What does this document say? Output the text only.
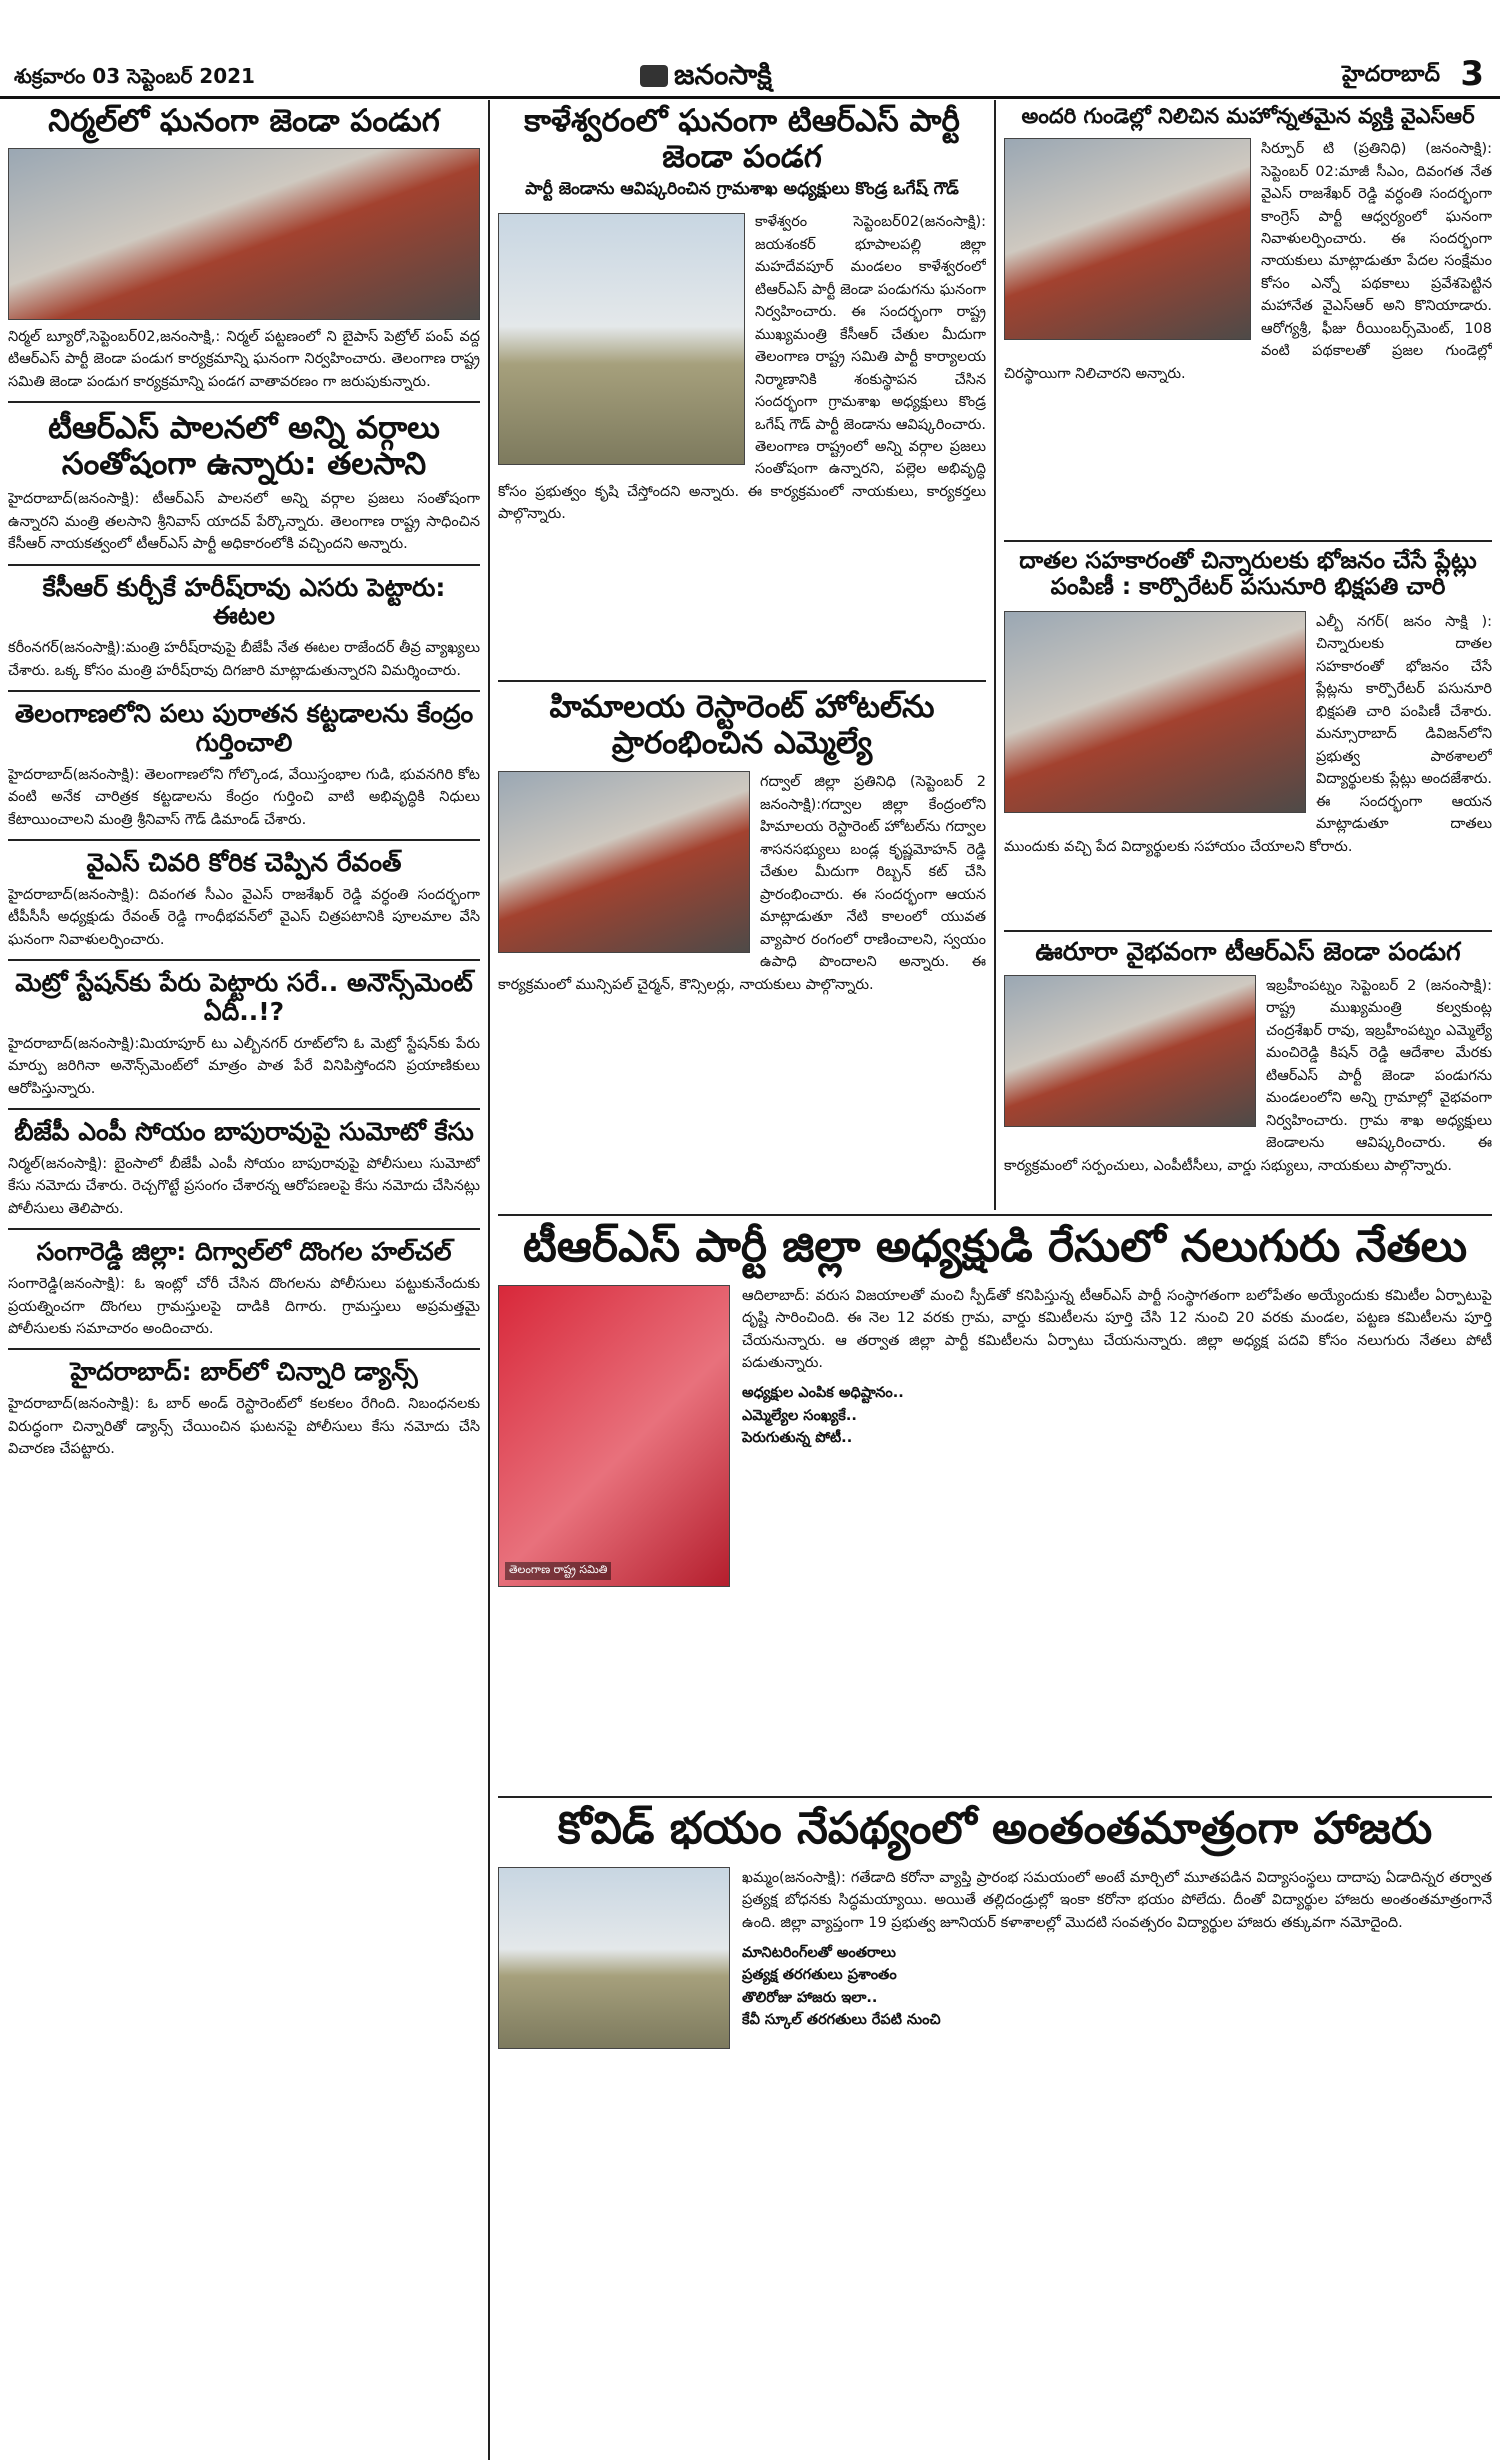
శుక్రవారం 03 సెప్టెంబర్ 2021	జనంసాక్షి	హైదరాబాద్ 3
నిర్మల్‌లో ఘనంగా జెండా పండుగ

నిర్మల్ బ్యూరో,సెప్టెంబర్02,జనంసాక్షి,: నిర్మల్ పట్టణంలో ని బైపాస్ పెట్రోల్ పంప్ వద్ద టిఆర్ఎస్ పార్టీ జెండా పండుగ కార్యక్రమాన్ని ఘనంగా నిర్వహించారు. తెలంగాణ రాష్ట్ర సమితి జెండా పండుగ కార్యక్రమాన్ని పండగ వాతావరణం గా జరుపుకున్నారు.

టీఆర్ఎస్ పాలనలో అన్ని వర్గాలు సంతోషంగా ఉన్నారు: తలసాని

హైదరాబాద్(జనంసాక్షి): టీఆర్ఎస్ పాలనలో అన్ని వర్గాల ప్రజలు సంతోషంగా ఉన్నారని మంత్రి తలసాని శ్రీనివాస్ యాదవ్ పేర్కొన్నారు. తెలంగాణ రాష్ట్ర సాధించిన కేసీఆర్ నాయకత్వంలో టీఆర్ఎస్ పార్టీ అధికారంలోకి వచ్చిందని అన్నారు.

కేసీఆర్ కుర్చీకే హరీష్‌రావు ఎసరు పెట్టారు: ఈటల

కరీంనగర్(జనంసాక్షి):మంత్రి హరీష్‌రావుపై బీజేపీ నేత ఈటల రాజేందర్ తీవ్ర వ్యాఖ్యలు చేశారు. ఒక్క కోసం మంత్రి హరీష్‌రావు దిగజారి మాట్లాడుతున్నారని విమర్శించారు.

తెలంగాణలోని పలు పురాతన కట్టడాలను కేంద్రం గుర్తించాలి

హైదరాబాద్(జనంసాక్షి): తెలంగాణలోని గోల్కొండ, వేయిస్తంభాల గుడి, భువనగిరి కోట వంటి అనేక చారిత్రక కట్టడాలను కేంద్రం గుర్తించి వాటి అభివృద్ధికి నిధులు కేటాయించాలని మంత్రి శ్రీనివాస్ గౌడ్ డిమాండ్ చేశారు.

వైఎస్ చివరి కోరిక చెప్పిన రేవంత్

హైదరాబాద్(జనంసాక్షి): దివంగత సీఎం వైఎస్ రాజశేఖర్ రెడ్డి వర్ధంతి సందర్భంగా టీపీసీసీ అధ్యక్షుడు రేవంత్ రెడ్డి గాంధీభవన్‌లో వైఎస్ చిత్రపటానికి పూలమాల వేసి ఘనంగా నివాళులర్పించారు.

మెట్రో స్టేషన్‌కు పేరు పెట్టారు సరే.. అనౌన్స్‌మెంట్ ఏదీ..!?

హైదరాబాద్(జనంసాక్షి):మియాపూర్ టు ఎల్బీనగర్ రూట్‌లోని ఓ మెట్రో స్టేషన్‌కు పేరు మార్పు జరిగినా అనౌన్స్‌మెంట్‌లో మాత్రం పాత పేరే వినిపిస్తోందని ప్రయాణికులు ఆరోపిస్తున్నారు.

బీజేపీ ఎంపీ సోయం బాపురావుపై సుమోటో కేసు

నిర్మల్(జనంసాక్షి): బైంసాలో బీజేపీ ఎంపీ సోయం బాపురావుపై పోలీసులు సుమోటో కేసు నమోదు చేశారు. రెచ్చగొట్టే ప్రసంగం చేశారన్న ఆరోపణలపై కేసు నమోదు చేసినట్లు పోలీసులు తెలిపారు.

సంగారెడ్డి జిల్లా: దిగ్వాల్‌లో దొంగల హల్‌చల్

సంగారెడ్డి(జనంసాక్షి): ఓ ఇంట్లో చోరీ చేసిన దొంగలను పోలీసులు పట్టుకునేందుకు ప్రయత్నించగా దొంగలు గ్రామస్తులపై దాడికి దిగారు. గ్రామస్తులు అప్రమత్తమై పోలీసులకు సమాచారం అందించారు.

హైదరాబాద్: బార్‌లో చిన్నారి డ్యాన్స్

హైదరాబాద్(జనంసాక్షి): ఓ బార్ అండ్ రెస్టారెంట్‌లో కలకలం రేగింది. నిబంధనలకు విరుద్ధంగా చిన్నారితో డ్యాన్స్ చేయించిన ఘటనపై పోలీసులు కేసు నమోదు చేసి విచారణ చేపట్టారు.

కాళేశ్వరంలో ఘనంగా టిఆర్ఎస్ పార్టీ జెండా పండగ
పార్టీ జెండాను ఆవిష్కరించిన గ్రామశాఖ అధ్యక్షులు కొండ్ర ఒగేష్ గౌడ్

కాళేశ్వరం సెప్టెంబర్02(జనంసాక్షి): జయశంకర్ భూపాలపల్లి జిల్లా మహదేవపూర్ మండలం కాళేశ్వరంలో టిఆర్ఎస్ పార్టీ జెండా పండుగను ఘనంగా నిర్వహించారు. ఈ సందర్భంగా రాష్ట్ర ముఖ్యమంత్రి కేసీఆర్ చేతుల మీదుగా తెలంగాణ రాష్ట్ర సమితి పార్టీ కార్యాలయ నిర్మాణానికి శంకుస్థాపన చేసిన సందర్భంగా గ్రామశాఖ అధ్యక్షులు కొండ్ర ఒగేష్ గౌడ్ పార్టీ జెండాను ఆవిష్కరించారు. తెలంగాణ రాష్ట్రంలో అన్ని వర్గాల ప్రజలు సంతోషంగా ఉన్నారని, పల్లెల అభివృద్ధి కోసం ప్రభుత్వం కృషి చేస్తోందని అన్నారు. ఈ కార్యక్రమంలో నాయకులు, కార్యకర్తలు పాల్గొన్నారు.

హిమాలయ రెస్టారెంట్ హోటల్‌ను ప్రారంభించిన ఎమ్మెల్యే

గద్వాల్ జిల్లా ప్రతినిధి (సెప్టెంబర్ 2 జనంసాక్షి):గద్వాల జిల్లా కేంద్రంలోని హిమాలయ రెస్టారెంట్ హోటల్‌ను గద్వాల శాసనసభ్యులు బండ్ల కృష్ణమోహన్ రెడ్డి చేతుల మీదుగా రిబ్బన్ కట్ చేసి ప్రారంభించారు. ఈ సందర్భంగా ఆయన మాట్లాడుతూ నేటి కాలంలో యువత వ్యాపార రంగంలో రాణించాలని, స్వయం ఉపాధి పొందాలని అన్నారు. ఈ కార్యక్రమంలో మున్సిపల్ చైర్మన్, కౌన్సిలర్లు, నాయకులు పాల్గొన్నారు.

అందరి గుండెల్లో నిలిచిన మహోన్నతమైన వ్యక్తి వైఎస్ఆర్

సిర్పూర్ టి (ప్రతినిధి) (జనంసాక్షి): సెప్టెంబర్ 02:మాజీ సీఎం, దివంగత నేత వైఎస్ రాజశేఖర్ రెడ్డి వర్ధంతి సందర్భంగా కాంగ్రెస్ పార్టీ ఆధ్వర్యంలో ఘనంగా నివాళులర్పించారు. ఈ సందర్భంగా నాయకులు మాట్లాడుతూ పేదల సంక్షేమం కోసం ఎన్నో పథకాలు ప్రవేశపెట్టిన మహానేత వైఎస్ఆర్ అని కొనియాడారు. ఆరోగ్యశ్రీ, ఫీజు రీయింబర్స్‌మెంట్, 108 వంటి పథకాలతో ప్రజల గుండెల్లో చిరస్థాయిగా నిలిచారని అన్నారు.

దాతల సహకారంతో చిన్నారులకు భోజనం చేసే ప్లేట్లు పంపిణీ : కార్పొరేటర్ పసునూరి భిక్షపతి చారి

ఎల్బీ నగర్( జనం సాక్షి ): చిన్నారులకు దాతల సహకారంతో భోజనం చేసే ప్లేట్లను కార్పొరేటర్ పసునూరి భిక్షపతి చారి పంపిణీ చేశారు. మన్సూరాబాద్ డివిజన్‌లోని ప్రభుత్వ పాఠశాలలో విద్యార్థులకు ప్లేట్లు అందజేశారు. ఈ సందర్భంగా ఆయన మాట్లాడుతూ దాతలు ముందుకు వచ్చి పేద విద్యార్థులకు సహాయం చేయాలని కోరారు.

ఊరూరా వైభవంగా టీఆర్ఎస్ జెండా పండుగ

ఇబ్రహీంపట్నం సెప్టెంబర్ 2 (జనంసాక్షి): రాష్ట్ర ముఖ్యమంత్రి కల్వకుంట్ల చంద్రశేఖర్ రావు, ఇబ్రహీంపట్నం ఎమ్మెల్యే మంచిరెడ్డి కిషన్ రెడ్డి ఆదేశాల మేరకు టిఆర్ఎస్ పార్టీ జెండా పండుగను మండలంలోని అన్ని గ్రామాల్లో వైభవంగా నిర్వహించారు. గ్రామ శాఖ అధ్యక్షులు జెండాలను ఆవిష్కరించారు. ఈ కార్యక్రమంలో సర్పంచులు, ఎంపీటీసీలు, వార్డు సభ్యులు, నాయకులు పాల్గొన్నారు.

టీఆర్ఎస్ పార్టీ జిల్లా అధ్యక్షుడి రేసులో నలుగురు నేతలు
తెలంగాణ రాష్ట్ర సమితి

ఆదిలాబాద్: వరుస విజయాలతో మంచి స్పీడ్‌తో కనిపిస్తున్న టీఆర్ఎస్ పార్టీ సంస్థాగతంగా బలోపేతం అయ్యేందుకు కమిటీల ఏర్పాటుపై దృష్టి సారించింది. ఈ నెల 12 వరకు గ్రామ, వార్డు కమిటీలను పూర్తి చేసి 12 నుంచి 20 వరకు మండల, పట్టణ కమిటీలను పూర్తి చేయనున్నారు. ఆ తర్వాత జిల్లా పార్టీ కమిటీలను ఏర్పాటు చేయనున్నారు. జిల్లా అధ్యక్ష పదవి కోసం నలుగురు నేతలు పోటీ పడుతున్నారు.

అధ్యక్షుల ఎంపిక అధిష్టానం..

ఎమ్మెల్యేల సంఖ్యకే..

పెరుగుతున్న పోటీ..

కోవిడ్ భయం నేపథ్యంలో అంతంతమాత్రంగా హాజరు

ఖమ్మం(జనంసాక్షి): గతేడాది కరోనా వ్యాప్తి ప్రారంభ సమయంలో అంటే మార్చిలో మూతపడిన విద్యాసంస్థలు దాదాపు ఏడాదిన్నర తర్వాత ప్రత్యక్ష బోధనకు సిద్ధమయ్యాయి. అయితే తల్లిదండ్రుల్లో ఇంకా కరోనా భయం పోలేదు. దీంతో విద్యార్థుల హాజరు అంతంతమాత్రంగానే ఉంది. జిల్లా వ్యాప్తంగా 19 ప్రభుత్వ జూనియర్ కళాశాలల్లో మొదటి సంవత్సరం విద్యార్థుల హాజరు తక్కువగా నమోదైంది.

మానిటరింగ్‌లతో అంతరాలు

ప్రత్యక్ష తరగతులు ప్రశాంతం

తొలిరోజు హాజరు ఇలా..

కేవీ స్కూల్ తరగతులు రేపటి నుంచి
